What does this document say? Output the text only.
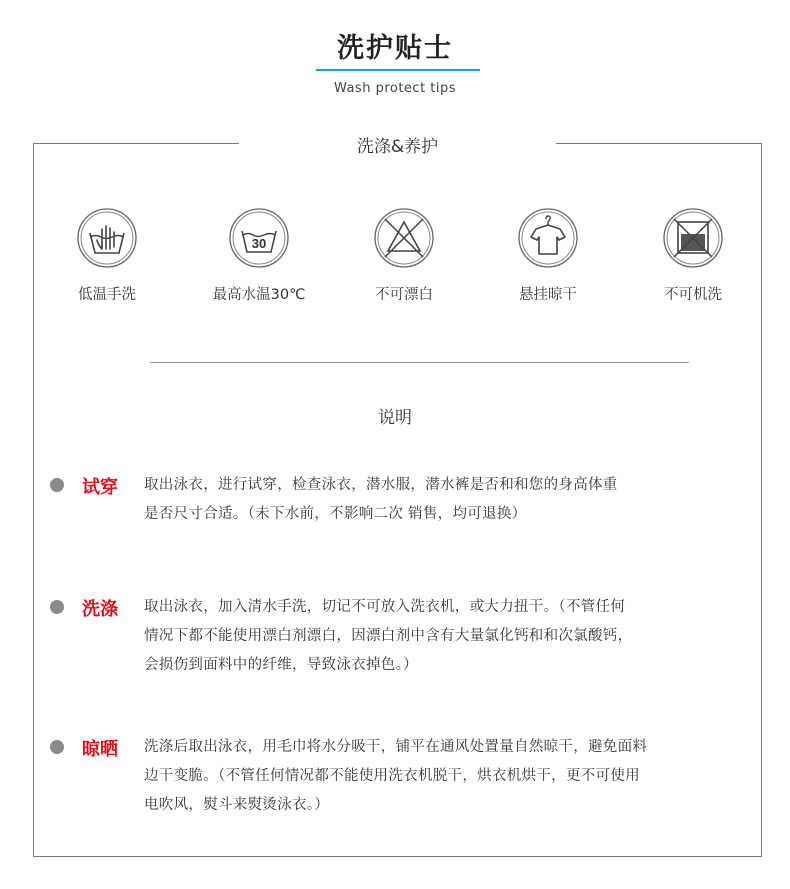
洗护贴士
Wash protect tips
洗涤&养护
低温手洗
30
最高水温30℃	不可漂白	悬挂晾干	不可机洗
说明
试穿 取出泳衣，进行试穿，检查泳衣，潜水服，潜水裤是否和和您的身高体重
是否尺寸合适。（未下水前，不影响二次 销售，均可退换）
洗涤 取出泳衣，加入清水手洗，切记不可放入洗衣机，或大力扭干。（不管任何
情况下都不能使用漂白剂漂白，因漂白剂中含有大量氯化钙和和次氯酸钙，
会损伤到面料中的纤维，导致泳衣掉色。）
晾晒 洗涤后取出泳衣，用毛巾将水分吸干，铺平在通风处置量自然晾干，避免面料
边干变脆。（不管任何情况都不能使用洗衣机脱干，烘衣机烘干，更不可使用
电吹风，熨斗来熨烫泳衣。）
